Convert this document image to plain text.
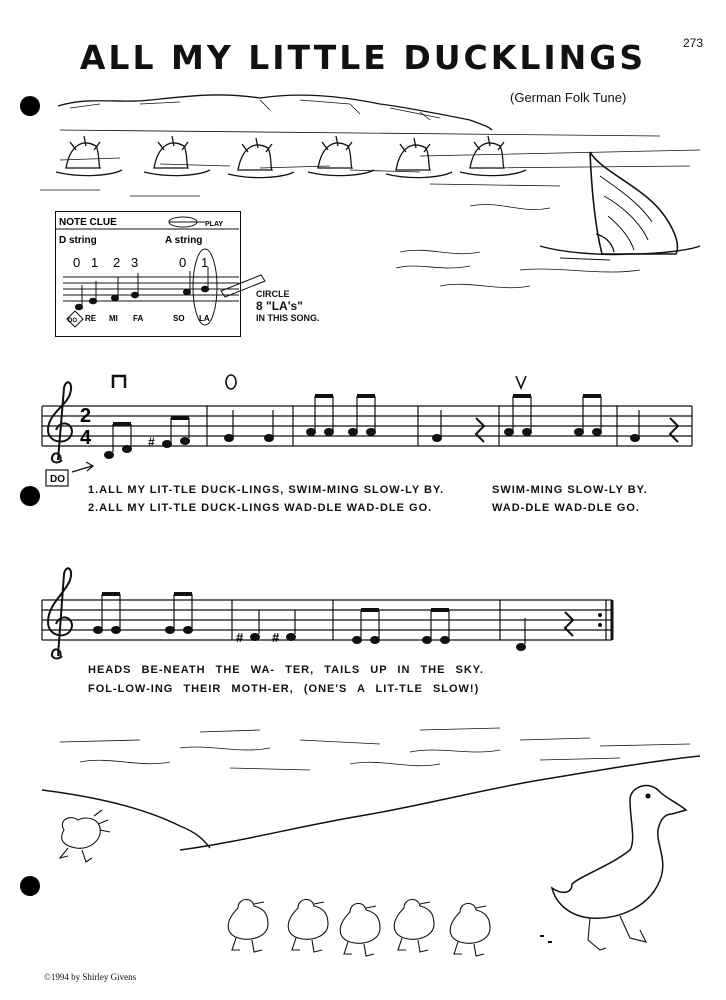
273
ALL MY LITTLE DUCKLINGS
(German Folk Tune)
NOTE CLUE	PLAY
D string	A string
0 1 2 3	0 1
RE MI FA	SO LA
DO
CIRCLE
8 "LA's"
IN THIS SONG.
#
2
4
DO
1.ALL MY LIT-TLE DUCK-LINGS, SWIM-MING SLOW-LY BY.	SWIM-MING SLOW-LY BY.
2.ALL MY LIT-TLE DUCK-LINGS WAD-DLE WAD-DLE GO.	WAD-DLE WAD-DLE GO.
# #
HEADS BE-NEATH THE WA- TER, TAILS UP IN THE SKY.
FOL-LOW-ING THEIR MOTH-ER, (ONE'S A LIT-TLE SLOW!)
©1994 by Shirley Givens
